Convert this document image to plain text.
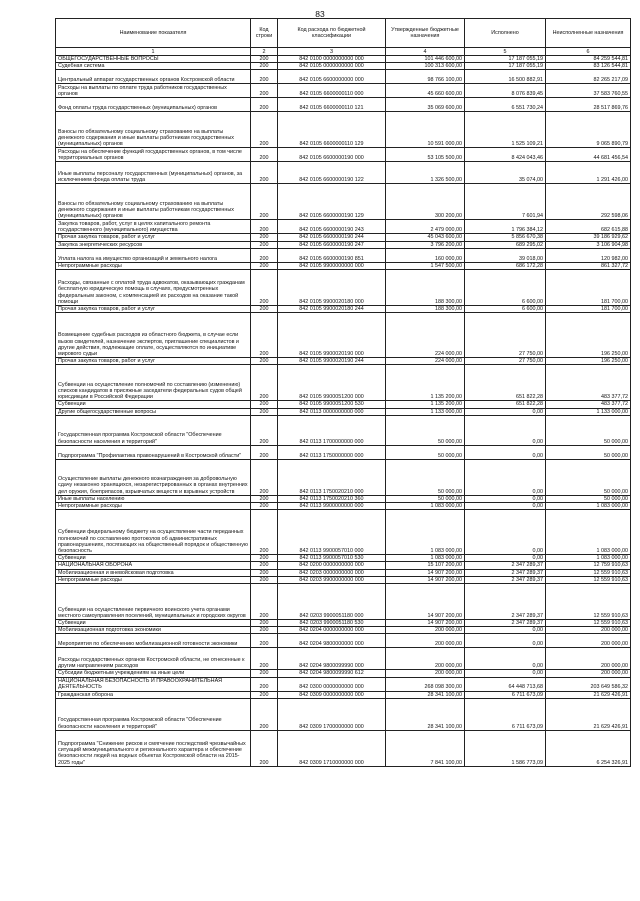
83
Наименование показателя	Код строки	Код расхода по бюджетной классификации	Утвержденные бюджетные назначения	Исполнено	Неисполненные назначения
1	2	3	4	5	6
ОБЩЕГОСУДАРСТВЕННЫЕ ВОПРОСЫ	200	842 0100 0000000000 000	101 446 600,00	17 187 055,19	84 259 544,81
Судебная система	200	842 0105 0000000000 000	100 313 600,00	17 187 055,19	83 126 544,81
Центральный аппарат государственных органов Костромской области	200	842 0105 6600000000 000	98 766 100,00	16 500 882,91	82 265 217,09
Расходы на выплаты по оплате труда работников государственных органов	200	842 0105 6600000110 000	45 660 600,00	8 076 839,45	37 583 760,55
Фонд оплаты труда государственных (муниципальных) органов	200	842 0105 6600000110 121	35 069 600,00	6 551 730,24	28 517 869,76
Взносы по обязательному социальному страхованию на выплаты денежного содержания и иные выплаты работникам государственных (муниципальных) органов	200	842 0105 6600000110 129	10 591 000,00	1 525 109,21	9 065 890,79
Расходы на обеспечение функций государственных органов, в том числе территориальных органов	200	842 0105 6600000190 000	53 105 500,00	8 424 043,46	44 681 456,54
Иные выплаты персоналу государственных (муниципальных) органов, за исключением фонда оплаты труда	200	842 0105 6600000190 122	1 326 500,00	35 074,00	1 291 426,00
Взносы по обязательному социальному страхованию на выплаты денежного содержания и иные выплаты работникам государственных (муниципальных) органов	200	842 0105 6600000190 129	300 200,00	7 601,94	292 598,06
Закупка товаров, работ, услуг в целях капитального ремонта государственного (муниципального) имущества	200	842 0105 6600000190 243	2 479 000,00	1 796 384,12	682 615,88
Прочая закупка товаров, работ и услуг	200	842 0105 6600000190 244	45 043 600,00	5 856 670,38	39 186 929,62
Закупка энергетических ресурсов	200	842 0105 6600000190 247	3 796 200,00	689 295,02	3 106 904,98
Уплата налога на имущество организаций и земельного налога	200	842 0105 6600000190 851	160 000,00	39 018,00	120 982,00
Непрограммные расходы	200	842 0105 9900000000 000	1 547 500,00	686 172,28	861 327,72
Расходы, связанные с оплатой труда адвокатов, оказывающих гражданам бесплатную юридическую помощь в случаях, предусмотренных федеральным законом, с компенсацией их расходов на оказание такой помощи	200	842 0105 9900020180 000	188 300,00	6 600,00	181 700,00
Прочая закупка товаров, работ и услуг	200	842 0105 9900020180 244	188 300,00	6 600,00	181 700,00
Возмещение судебных расходов из областного бюджета, в случае если вызов свидетелей, назначение экспертов, приглашение специалистов и другие действия, подлежащие оплате, осуществляются по инициативе мирового судьи	200	842 0105 9900020190 000	224 000,00	27 750,00	196 250,00
Прочая закупка товаров, работ и услуг	200	842 0105 9900020190 244	224 000,00	27 750,00	196 250,00
Субвенции на осуществление полномочий по составлению (изменению) списков кандидатов в присяжные заседатели федеральных судов общей юрисдикции в Российской Федерации	200	842 0105 9900051200 000	1 135 200,00	651 822,28	483 377,72
Субвенции	200	842 0105 9900051200 530	1 135 200,00	651 822,28	483 377,72
Другие общегосударственные вопросы	200	842 0113 0000000000 000	1 133 000,00	0,00	1 133 000,00
Государственная программа Костромской области "Обеспечение безопасности населения и территорий"	200	842 0113 1700000000 000	50 000,00	0,00	50 000,00
Подпрограмма "Профилактика правонарушений в Костромской области"	200	842 0113 1750000000 000	50 000,00	0,00	50 000,00
Осуществление выплаты денежного вознаграждения за добровольную сдачу незаконно хранящихся, незарегистрированных в органах внутренних дел оружия, боеприпасов, взрывчатых веществ и взрывных устройств	200	842 0113 1750020210 000	50 000,00	0,00	50 000,00
Иные выплаты населению	200	842 0113 1750020210 360	50 000,00	0,00	50 000,00
Непрограммные расходы	200	842 0113 9900000000 000	1 083 000,00	0,00	1 083 000,00
Субвенции федеральному бюджету на осуществление части переданных полномочий по составлению протоколов об административных правонарушениях, посягающих на общественный порядок и общественную безопасность	200	842 0113 9900057010 000	1 083 000,00	0,00	1 083 000,00
Субвенции	200	842 0113 9900057010 530	1 083 000,00	0,00	1 083 000,00
НАЦИОНАЛЬНАЯ ОБОРОНА	200	842 0200 0000000000 000	15 107 200,00	2 347 289,37	12 759 910,63
Мобилизационная и вневойсковая подготовка	200	842 0203 0000000000 000	14 907 200,00	2 347 289,37	12 559 910,63
Непрограммные расходы	200	842 0203 9900000000 000	14 907 200,00	2 347 289,37	12 559 910,63
Субвенции на осуществление первичного воинского учета органами местного самоуправления поселений, муниципальных и городских округов	200	842 0203 9900051180 000	14 907 200,00	2 347 289,37	12 559 910,63
Субвенции	200	842 0203 9900051180 530	14 907 200,00	2 347 289,37	12 559 910,63
Мобилизационная подготовка экономики	200	842 0204 0000000000 000	200 000,00	0,00	200 000,00
Мероприятия по обеспечению мобилизационной готовности экономики	200	842 0204 9800000000 000	200 000,00	0,00	200 000,00
Расходы государственных органов Костромской области, не отнесенные к другим направлениям расходов	200	842 0204 9800099990 000	200 000,00	0,00	200 000,00
Субсидии бюджетным учреждениям на иные цели	200	842 0204 9800099990 612	200 000,00	0,00	200 000,00
НАЦИОНАЛЬНАЯ БЕЗОПАСНОСТЬ И ПРАВООХРАНИТЕЛЬНАЯ ДЕЯТЕЛЬНОСТЬ	200	842 0300 0000000000 000	268 098 300,00	64 448 713,68	203 649 586,32
Гражданская оборона	200	842 0309 0000000000 000	28 341 100,00	6 711 673,09	21 629 426,91
Государственная программа Костромской области "Обеспечение безопасности населения и территорий"	200	842 0309 1700000000 000	28 341 100,00	6 711 673,09	21 629 426,91
Подпрограмма "Снижение рисков и смягчение последствий чрезвычайных ситуаций межмуниципального и регионального характера и обеспечение безопасности людей на водных объектах Костромской области на 2015-2025 годы"	200	842 0309 1710000000 000	7 841 100,00	1 586 773,09	6 254 326,91
